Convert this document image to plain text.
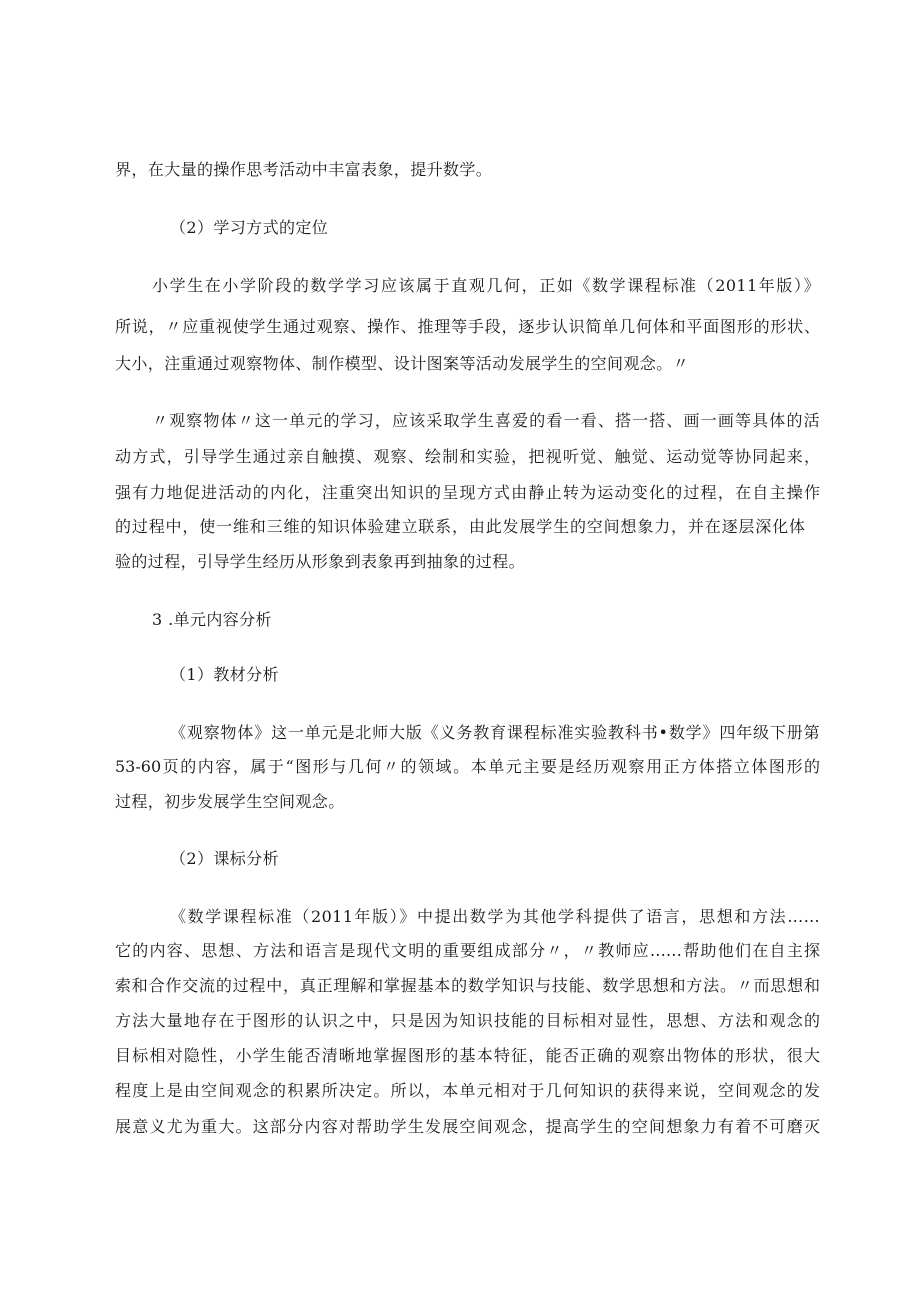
界，在大量的操作思考活动中丰富表象，提升数学。
（2）学习方式的定位
小学生在小学阶段的数学学习应该属于直观几何，正如《数学课程标准（2011年版）》
所说，〃应重视使学生通过观察、操作、推理等手段，逐步认识简单几何体和平面图形的形状、
大小，注重通过观察物体、制作模型、设计图案等活动发展学生的空间观念。〃
〃观察物体〃这一单元的学习，应该采取学生喜爱的看一看、搭一搭、画一画等具体的活
动方式，引导学生通过亲自触摸、观察、绘制和实验，把视听觉、触觉、运动觉等协同起来，
强有力地促进活动的内化，注重突出知识的呈现方式由静止转为运动变化的过程，在自主操作
的过程中，使一维和三维的知识体验建立联系，由此发展学生的空间想象力，并在逐层深化体
验的过程，引导学生经历从形象到表象再到抽象的过程。
3 .单元内容分析
（1）教材分析
《观察物体》这一单元是北师大版《义务教育课程标准实验教科书•数学》四年级下册第
53-60页的内容，属于“图形与几何〃的领域。本单元主要是经历观察用正方体搭立体图形的
过程，初步发展学生空间观念。
（2）课标分析
《数学课程标准（2011年版）》中提出数学为其他学科提供了语言，思想和方法……
它的内容、思想、方法和语言是现代文明的重要组成部分〃，〃教师应……帮助他们在自主探
索和合作交流的过程中，真正理解和掌握基本的数学知识与技能、数学思想和方法。〃而思想和
方法大量地存在于图形的认识之中，只是因为知识技能的目标相对显性，思想、方法和观念的
目标相对隐性，小学生能否清晰地掌握图形的基本特征，能否正确的观察出物体的形状，很大
程度上是由空间观念的积累所决定。所以，本单元相对于几何知识的获得来说，空间观念的发
展意义尤为重大。这部分内容对帮助学生发展空间观念，提高学生的空间想象力有着不可磨灭
